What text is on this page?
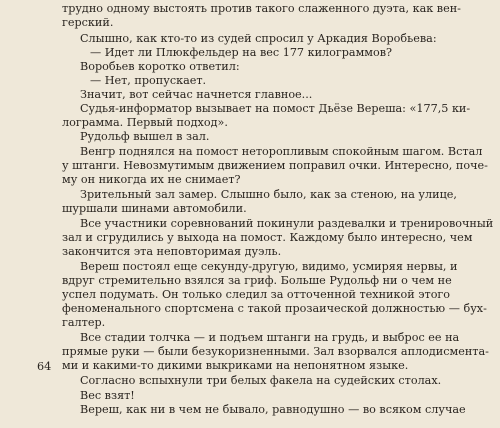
трудно одному выстоять против такого слаженного дуэта, как вен-
герский.
Слышно, как кто-то из судей спросил у Аркадия Воробьева:
— Идет ли Плюкфельдер на вес 177 килограммов?
Воробьев коротко ответил:
— Нет, пропускает.
Значит, вот сейчас начнется главное...
Судья-информатор вызывает на помост Дьёзе Вереша: «177,5 ки-
лограмма. Первый подход».
Рудольф вышел в зал.
Венгр поднялся на помост неторопливым спокойным шагом. Встал
у штанги. Невозмутимым движением поправил очки. Интересно, поче-
му он никогда их не снимает?
Зрительный зал замер. Слышно было, как за стеною, на улице,
шуршали шинами автомобили.
Все участники соревнований покинули раздевалки и тренировочный
зал и сгрудились у выхода на помост. Каждому было интересно, чем
закончится эта неповторимая дуэль.
Вереш постоял еще секунду-другую, видимо, усмиряя нервы, и
вдруг стремительно взялся за гриф. Больше Рудольф ни о чем не
успел подумать. Он только следил за отточенной техникой этого
феноменального спортсмена с такой прозаической должностью — бух-
галтер.
Все стадии толчка — и подъем штанги на грудь, и выброс ее на
прямые руки — были безукоризненными. Зал взорвался аплодисмента-
ми и какими-то дикими выкриками на непонятном языке.
Согласно вспыхнули три белых факела на судейских столах.
Вес взят!
Вереш, как ни в чем не бывало, равнодушно — во всяком случае
64
